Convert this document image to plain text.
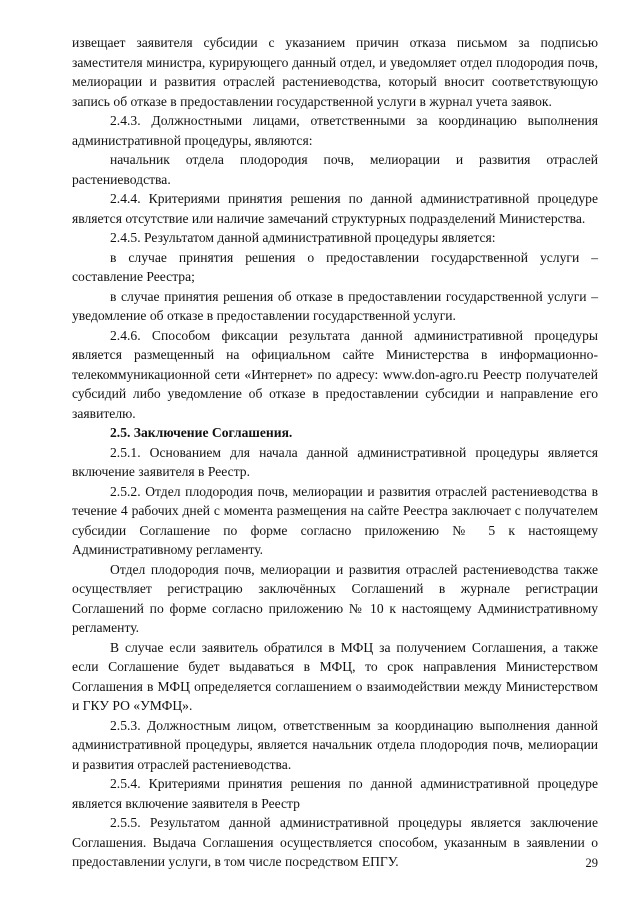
извещает заявителя субсидии с указанием причин отказа письмом за подписью заместителя министра, курирующего данный отдел, и уведомляет отдел плодородия почв, мелиорации и развития отраслей растениеводства, который вносит соответствующую запись об отказе в предоставлении государственной услуги в журнал учета заявок.

2.4.3. Должностными лицами, ответственными за координацию выполнения административной процедуры, являются:

начальник отдела плодородия почв, мелиорации и развития отраслей растениеводства.

2.4.4. Критериями принятия решения по данной административной процедуре является отсутствие или наличие замечаний структурных подразделений Министерства.

2.4.5. Результатом данной административной процедуры является:

в случае принятия решения о предоставлении государственной услуги – составление Реестра;

в случае принятия решения об отказе в предоставлении государственной услуги – уведомление об отказе в предоставлении государственной услуги.

2.4.6. Способом фиксации результата данной административной процедуры является размещенный на официальном сайте Министерства в информационно-телекоммуникационной сети «Интернет» по адресу: www.don-agro.ru Реестр получателей субсидий либо уведомление об отказе в предоставлении субсидии и направление его заявителю.

2.5. Заключение Соглашения.

2.5.1. Основанием для начала данной административной процедуры является включение заявителя в Реестр.

2.5.2. Отдел плодородия почв, мелиорации и развития отраслей растениеводства в течение 4 рабочих дней с момента размещения на сайте Реестра заключает с получателем субсидии Соглашение по форме согласно приложению № 5 к настоящему Административному регламенту.

Отдел плодородия почв, мелиорации и развития отраслей растениеводства также осуществляет регистрацию заключённых Соглашений в журнале регистрации Соглашений по форме согласно приложению № 10 к настоящему Административному регламенту.

В случае если заявитель обратился в МФЦ за получением Соглашения, а также если Соглашение будет выдаваться в МФЦ, то срок направления Министерством Соглашения в МФЦ определяется соглашением о взаимодействии между Министерством и ГКУ РО «УМФЦ».

2.5.3. Должностным лицом, ответственным за координацию выполнения данной административной процедуры, является начальник отдела плодородия почв, мелиорации и развития отраслей растениеводства.

2.5.4. Критериями принятия решения по данной административной процедуре является включение заявителя в Реестр

2.5.5. Результатом данной административной процедуры является заключение Соглашения. Выдача Соглашения осуществляется способом, указанным в заявлении о предоставлении услуги, в том числе посредством ЕПГУ.	29
